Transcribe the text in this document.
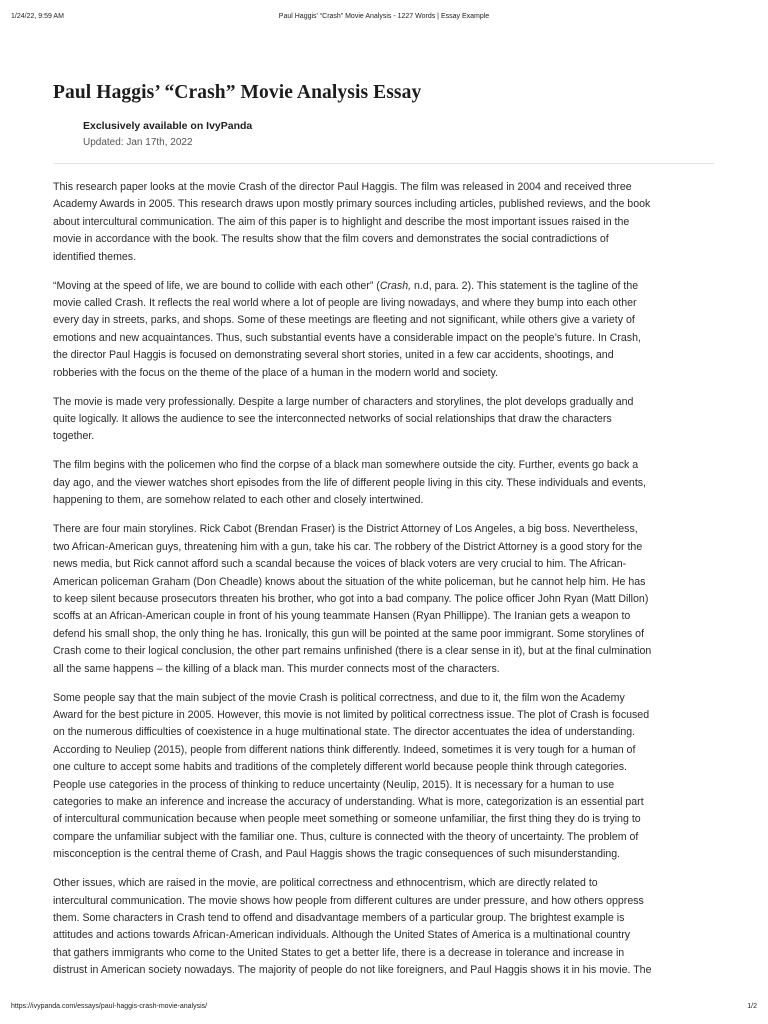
1/24/22, 9:59 AM	Paul Haggis' “Crash” Movie Analysis - 1227 Words | Essay Example
Paul Haggis’ “Crash” Movie Analysis Essay
Exclusively available on IvyPanda
Updated: Jan 17th, 2022

This research paper looks at the movie Crash of the director Paul Haggis. The film was released in 2004 and received three
Academy Awards in 2005. This research draws upon mostly primary sources including articles, published reviews, and the book
about intercultural communication. The aim of this paper is to highlight and describe the most important issues raised in the
movie in accordance with the book. The results show that the film covers and demonstrates the social contradictions of
identified themes.

“Moving at the speed of life, we are bound to collide with each other” (Crash, n.d, para. 2). This statement is the tagline of the
movie called Crash. It reflects the real world where a lot of people are living nowadays, and where they bump into each other
every day in streets, parks, and shops. Some of these meetings are fleeting and not significant, while others give a variety of
emotions and new acquaintances. Thus, such substantial events have a considerable impact on the people’s future. In Crash,
the director Paul Haggis is focused on demonstrating several short stories, united in a few car accidents, shootings, and
robberies with the focus on the theme of the place of a human in the modern world and society.

The movie is made very professionally. Despite a large number of characters and storylines, the plot develops gradually and
quite logically. It allows the audience to see the interconnected networks of social relationships that draw the characters
together.

The film begins with the policemen who find the corpse of a black man somewhere outside the city. Further, events go back a
day ago, and the viewer watches short episodes from the life of different people living in this city. These individuals and events,
happening to them, are somehow related to each other and closely intertwined.

There are four main storylines. Rick Cabot (Brendan Fraser) is the District Attorney of Los Angeles, a big boss. Nevertheless,
two African-American guys, threatening him with a gun, take his car. The robbery of the District Attorney is a good story for the
news media, but Rick cannot afford such a scandal because the voices of black voters are very crucial to him. The African-
American policeman Graham (Don Cheadle) knows about the situation of the white policeman, but he cannot help him. He has
to keep silent because prosecutors threaten his brother, who got into a bad company. The police officer John Ryan (Matt Dillon)
scoffs at an African-American couple in front of his young teammate Hansen (Ryan Phillippe). The Iranian gets a weapon to
defend his small shop, the only thing he has. Ironically, this gun will be pointed at the same poor immigrant. Some storylines of
Crash come to their logical conclusion, the other part remains unfinished (there is a clear sense in it), but at the final culmination
all the same happens – the killing of a black man. This murder connects most of the characters.

Some people say that the main subject of the movie Crash is political correctness, and due to it, the film won the Academy
Award for the best picture in 2005. However, this movie is not limited by political correctness issue. The plot of Crash is focused
on the numerous difficulties of coexistence in a huge multinational state. The director accentuates the idea of understanding.
According to Neuliep (2015), people from different nations think differently. Indeed, sometimes it is very tough for a human of
one culture to accept some habits and traditions of the completely different world because people think through categories.
People use categories in the process of thinking to reduce uncertainty (Neulip, 2015). It is necessary for a human to use
categories to make an inference and increase the accuracy of understanding. What is more, categorization is an essential part
of intercultural communication because when people meet something or someone unfamiliar, the first thing they do is trying to
compare the unfamiliar subject with the familiar one. Thus, culture is connected with the theory of uncertainty. The problem of
misconception is the central theme of Crash, and Paul Haggis shows the tragic consequences of such misunderstanding.

Other issues, which are raised in the movie, are political correctness and ethnocentrism, which are directly related to
intercultural communication. The movie shows how people from different cultures are under pressure, and how others oppress
them. Some characters in Crash tend to offend and disadvantage members of a particular group. The brightest example is
attitudes and actions towards African-American individuals. Although the United States of America is a multinational country
that gathers immigrants who come to the United States to get a better life, there is a decrease in tolerance and increase in
distrust in American society nowadays. The majority of people do not like foreigners, and Paul Haggis shows it in his movie. The

https://ivypanda.com/essays/paul-haggis-crash-movie-analysis/	1/2
